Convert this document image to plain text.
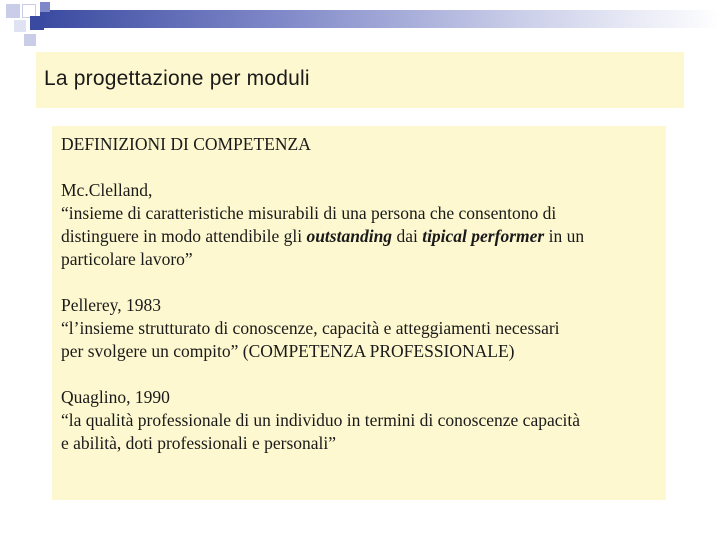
La progettazione per moduli
DEFINIZIONI DI COMPETENZA
Mc.Clelland,
“insieme di caratteristiche misurabili di una persona che consentono di
distinguere in modo attendibile gli outstanding dai tipical performer in un
particolare lavoro”
Pellerey, 1983
“l’insieme strutturato di conoscenze, capacità e atteggiamenti necessari
per svolgere un compito” (COMPETENZA PROFESSIONALE)
Quaglino, 1990
“la qualità professionale di un individuo in termini di conoscenze capacità
e abilità, doti professionali e personali”
